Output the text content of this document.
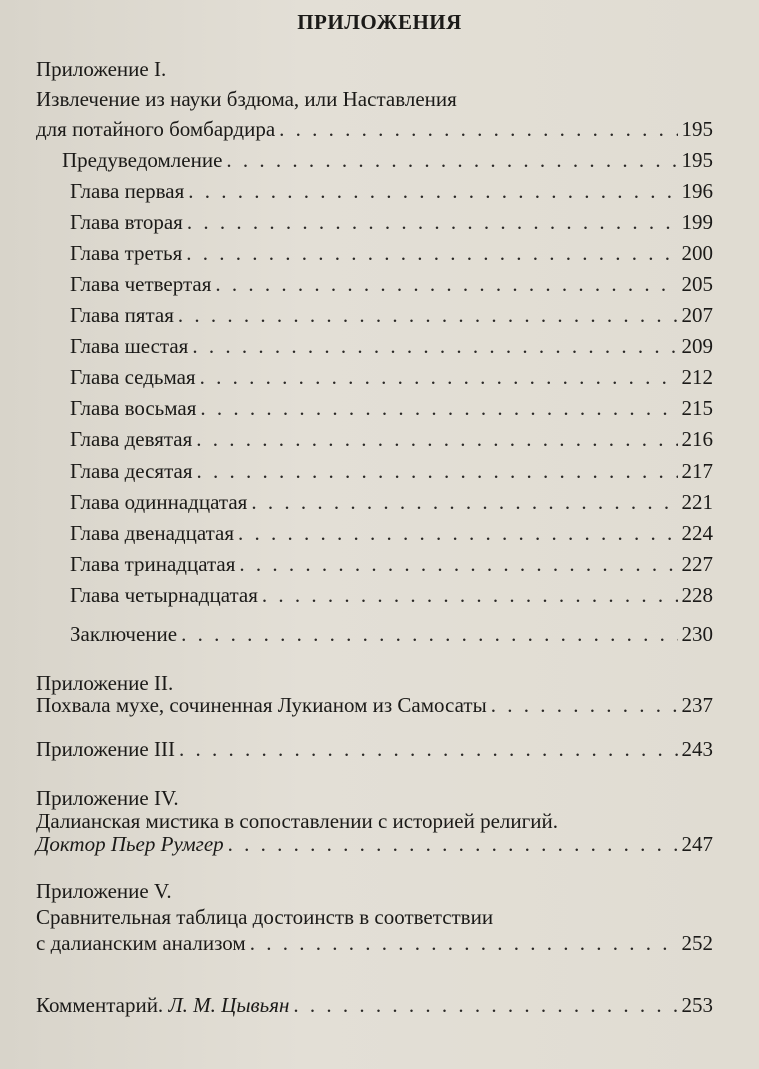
ПРИЛОЖЕНИЯ
Приложение I.
Извлечение из науки бздюма, или Наставления
для потайного бомбардира . . .	195
Предуведомление . . .	195
Глава первая . . .	196
Глава вторая . . .	199
Глава третья . . .	200
Глава четвертая . . .	205
Глава пятая . . .	207
Глава шестая . . .	209
Глава седьмая . . .	212
Глава восьмая . . .	215
Глава девятая . . .	216
Глава десятая . . .	217
Глава одиннадцатая . . .	221
Глава двенадцатая . . .	224
Глава тринадцатая . . .	227
Глава четырнадцатая . . .	228
Заключение . . .	230
Приложение II.
Похвала мухе, сочиненная Лукианом из Самосаты . . .	237
Приложение III . . .	243
Приложение IV.
Далианская мистика в сопоставлении с историей религий.
Доктор Пьер Румгер . . .	247
Приложение V.
Сравнительная таблица достоинств в соответствии
с далианским анализом . . .	252
Комментарий. Л. М. Цывьян . . .	253
